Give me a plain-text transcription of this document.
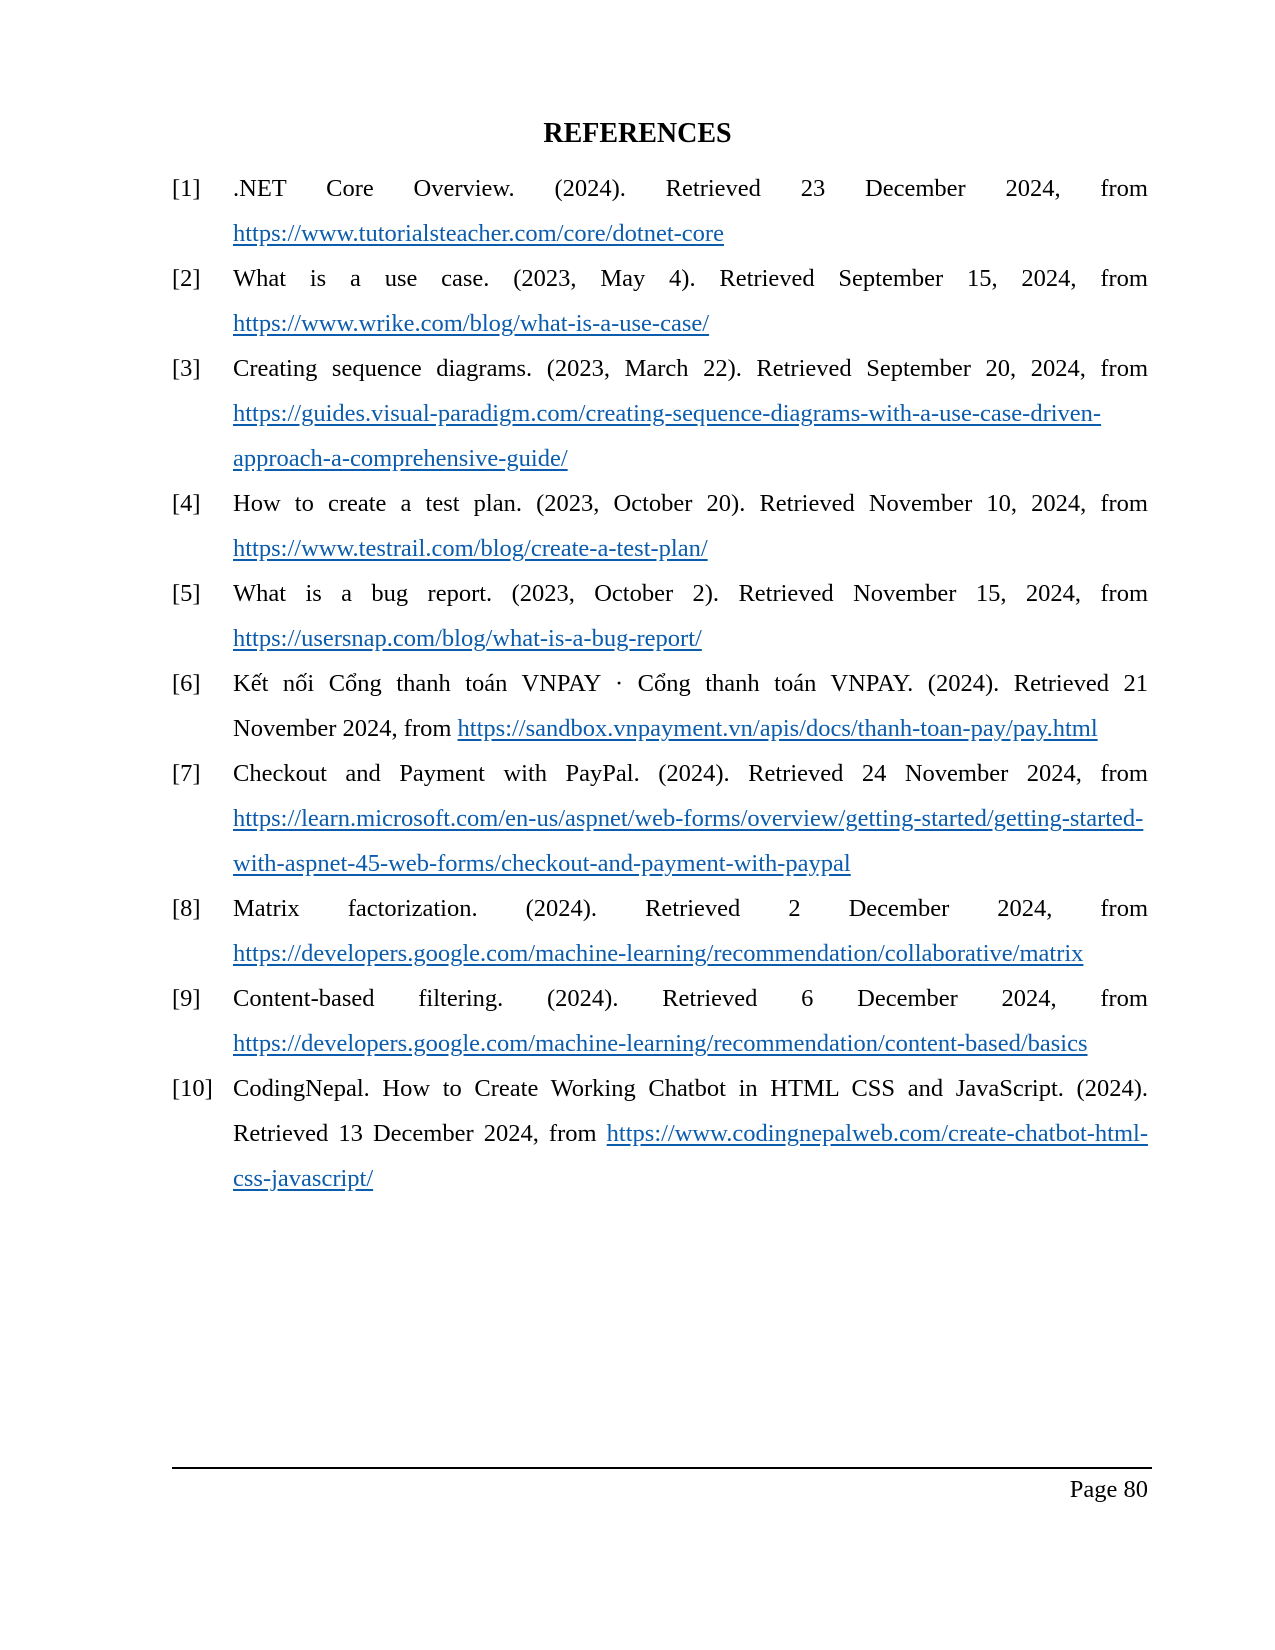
REFERENCES
[1]	.NET Core Overview. (2024). Retrieved 23 December 2024, from https://www.tutorialsteacher.com/core/dotnet-core
[2]	What is a use case. (2023, May 4). Retrieved September 15, 2024, from https://www.wrike.com/blog/what-is-a-use-case/
[3]	Creating sequence diagrams. (2023, March 22). Retrieved September 20, 2024, from https://guides.visual-paradigm.com/creating-sequence-diagrams-with-a-use-case-driven-approach-a-comprehensive-guide/
[4]	How to create a test plan. (2023, October 20). Retrieved November 10, 2024, from https://www.testrail.com/blog/create-a-test-plan/
[5]	What is a bug report. (2023, October 2). Retrieved November 15, 2024, from https://usersnap.com/blog/what-is-a-bug-report/
[6]	Kết nối Cổng thanh toán VNPAY · Cổng thanh toán VNPAY. (2024). Retrieved 21 November 2024, from https://sandbox.vnpayment.vn/apis/docs/thanh-toan-pay/pay.html
[7]	Checkout and Payment with PayPal. (2024). Retrieved 24 November 2024, from https://learn.microsoft.com/en-us/aspnet/web-forms/overview/getting-started/getting-started-with-aspnet-45-web-forms/checkout-and-payment-with-paypal
[8]	Matrix factorization. (2024). Retrieved 2 December 2024, from https://developers.google.com/machine-learning/recommendation/collaborative/matrix
[9]	Content-based filtering. (2024). Retrieved 6 December 2024, from https://developers.google.com/machine-learning/recommendation/content-based/basics
[10] CodingNepal. How to Create Working Chatbot in HTML CSS and JavaScript. (2024). Retrieved 13 December 2024, from https://www.codingnepalweb.com/create-chatbot-html-css-javascript/
Page 80
